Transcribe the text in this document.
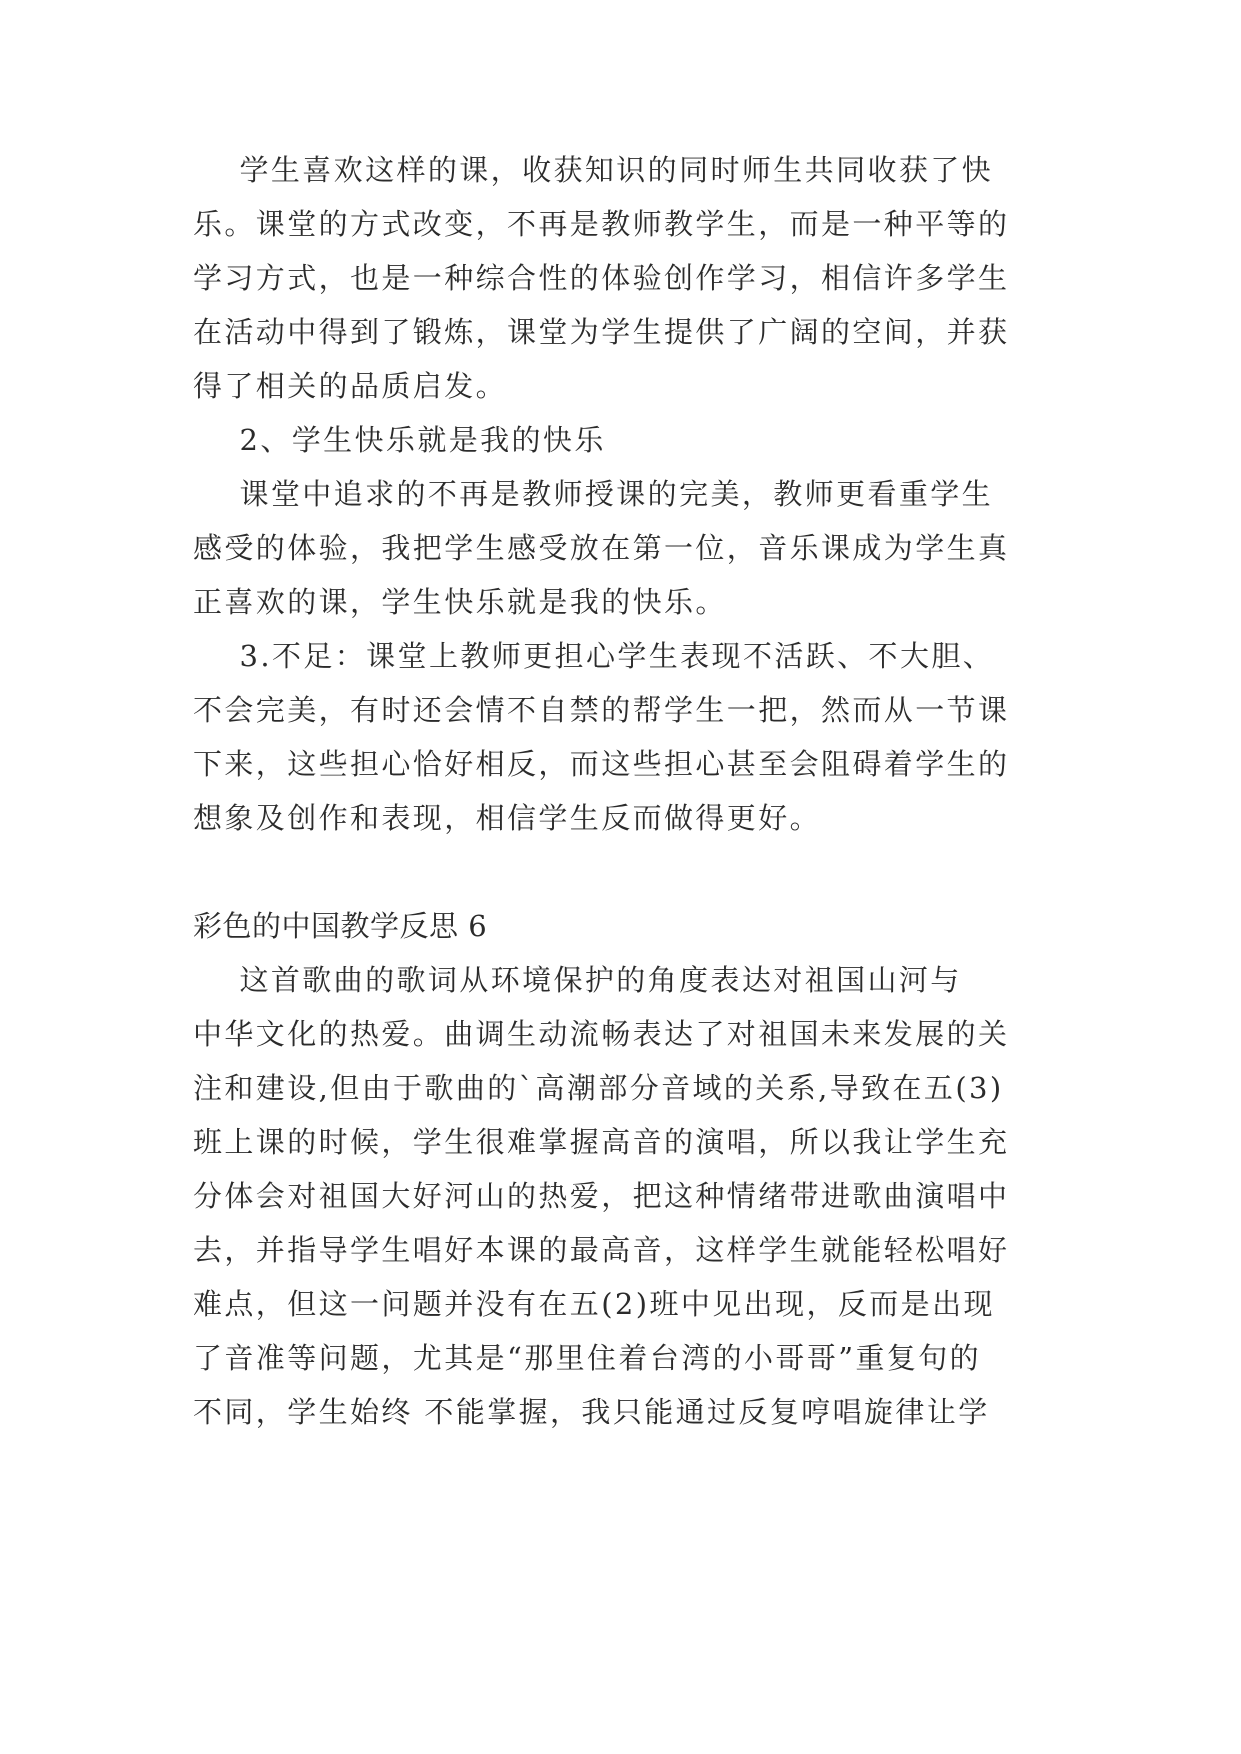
学生喜欢这样的课，收获知识的同时师生共同收获了快
乐。课堂的方式改变，不再是教师教学生，而是一种平等的
学习方式，也是一种综合性的体验创作学习，相信许多学生
在活动中得到了锻炼，课堂为学生提供了广阔的空间，并获
得了相关的品质启发。
2、学生快乐就是我的快乐
课堂中追求的不再是教师授课的完美，教师更看重学生
感受的体验，我把学生感受放在第一位，音乐课成为学生真
正喜欢的课，学生快乐就是我的快乐。
3.不足：课堂上教师更担心学生表现不活跃、不大胆、
不会完美，有时还会情不自禁的帮学生一把，然而从一节课
下来，这些担心恰好相反，而这些担心甚至会阻碍着学生的
想象及创作和表现，相信学生反而做得更好。
彩色的中国教学反思 6
这首歌曲的歌词从环境保护的角度表达对祖国山河与
中华文化的热爱。曲调生动流畅表达了对祖国未来发展的关
注和建设,但由于歌曲的`高潮部分音域的关系,导致在五(3)
班上课的时候，学生很难掌握高音的演唱，所以我让学生充
分体会对祖国大好河山的热爱，把这种情绪带进歌曲演唱中
去，并指导学生唱好本课的最高音，这样学生就能轻松唱好
难点，但这一问题并没有在五(2)班中见出现，反而是出现
了音准等问题，尤其是“那里住着台湾的小哥哥”重复句的
不同，学生始终 不能掌握，我只能通过反复哼唱旋律让学
